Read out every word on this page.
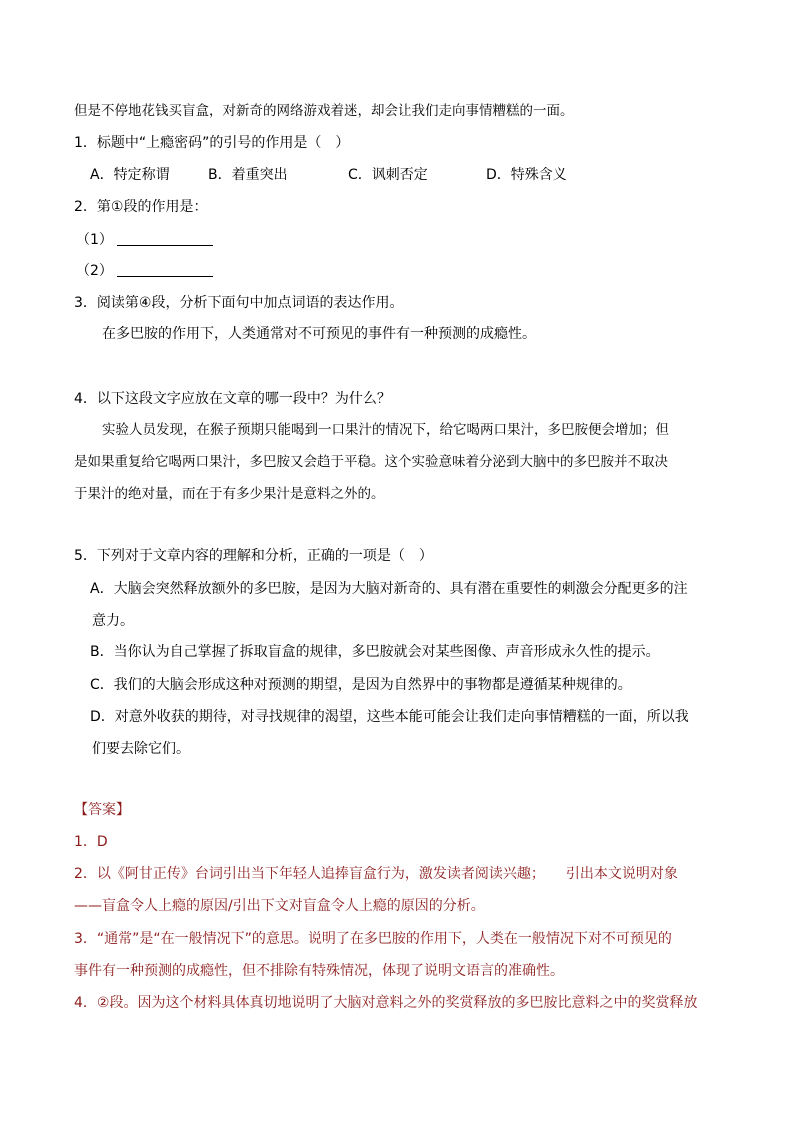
但是不停地花钱买盲盒，对新奇的网络游戏着迷，却会让我们走向事情糟糕的一面。
1．标题中“上瘾密码”的引号的作用是（　）
A．特定称谓	B．着重突出	C．讽刺否定	D．特殊含义
2．第①段的作用是：
（1）
（2）
3．阅读第④段，分析下面句中加点词语的表达作用。
在多巴胺的作用下，人类通常对不可预见的事件有一种预测的成瘾性。
4．以下这段文字应放在文章的哪一段中？为什么？
实验人员发现，在猴子预期只能喝到一口果汁的情况下，给它喝两口果汁，多巴胺便会增加；但
是如果重复给它喝两口果汁，多巴胺又会趋于平稳。这个实验意味着分泌到大脑中的多巴胺并不取决
于果汁的绝对量，而在于有多少果汁是意料之外的。
5．下列对于文章内容的理解和分析，正确的一项是（　）
A．大脑会突然释放额外的多巴胺，是因为大脑对新奇的、具有潜在重要性的刺激会分配更多的注
意力。
B．当你认为自己掌握了拆取盲盒的规律，多巴胺就会对某些图像、声音形成永久性的提示。
C．我们的大脑会形成这种对预测的期望，是因为自然界中的事物都是遵循某种规律的。
D．对意外收获的期待，对寻找规律的渴望，这些本能可能会让我们走向事情糟糕的一面，所以我
们要去除它们。
【答案】
1．D
2．以《阿甘正传》台词引出当下年轻人追捧盲盒行为，激发读者阅读兴趣；　　引出本文说明对象
——盲盒令人上瘾的原因/引出下文对盲盒令人上瘾的原因的分析。
3．“通常”是“在一般情况下”的意思。说明了在多巴胺的作用下，人类在一般情况下对不可预见的
事件有一种预测的成瘾性，但不排除有特殊情况，体现了说明文语言的准确性。
4．②段。因为这个材料具体真切地说明了大脑对意料之外的奖赏释放的多巴胺比意料之中的奖赏释放
